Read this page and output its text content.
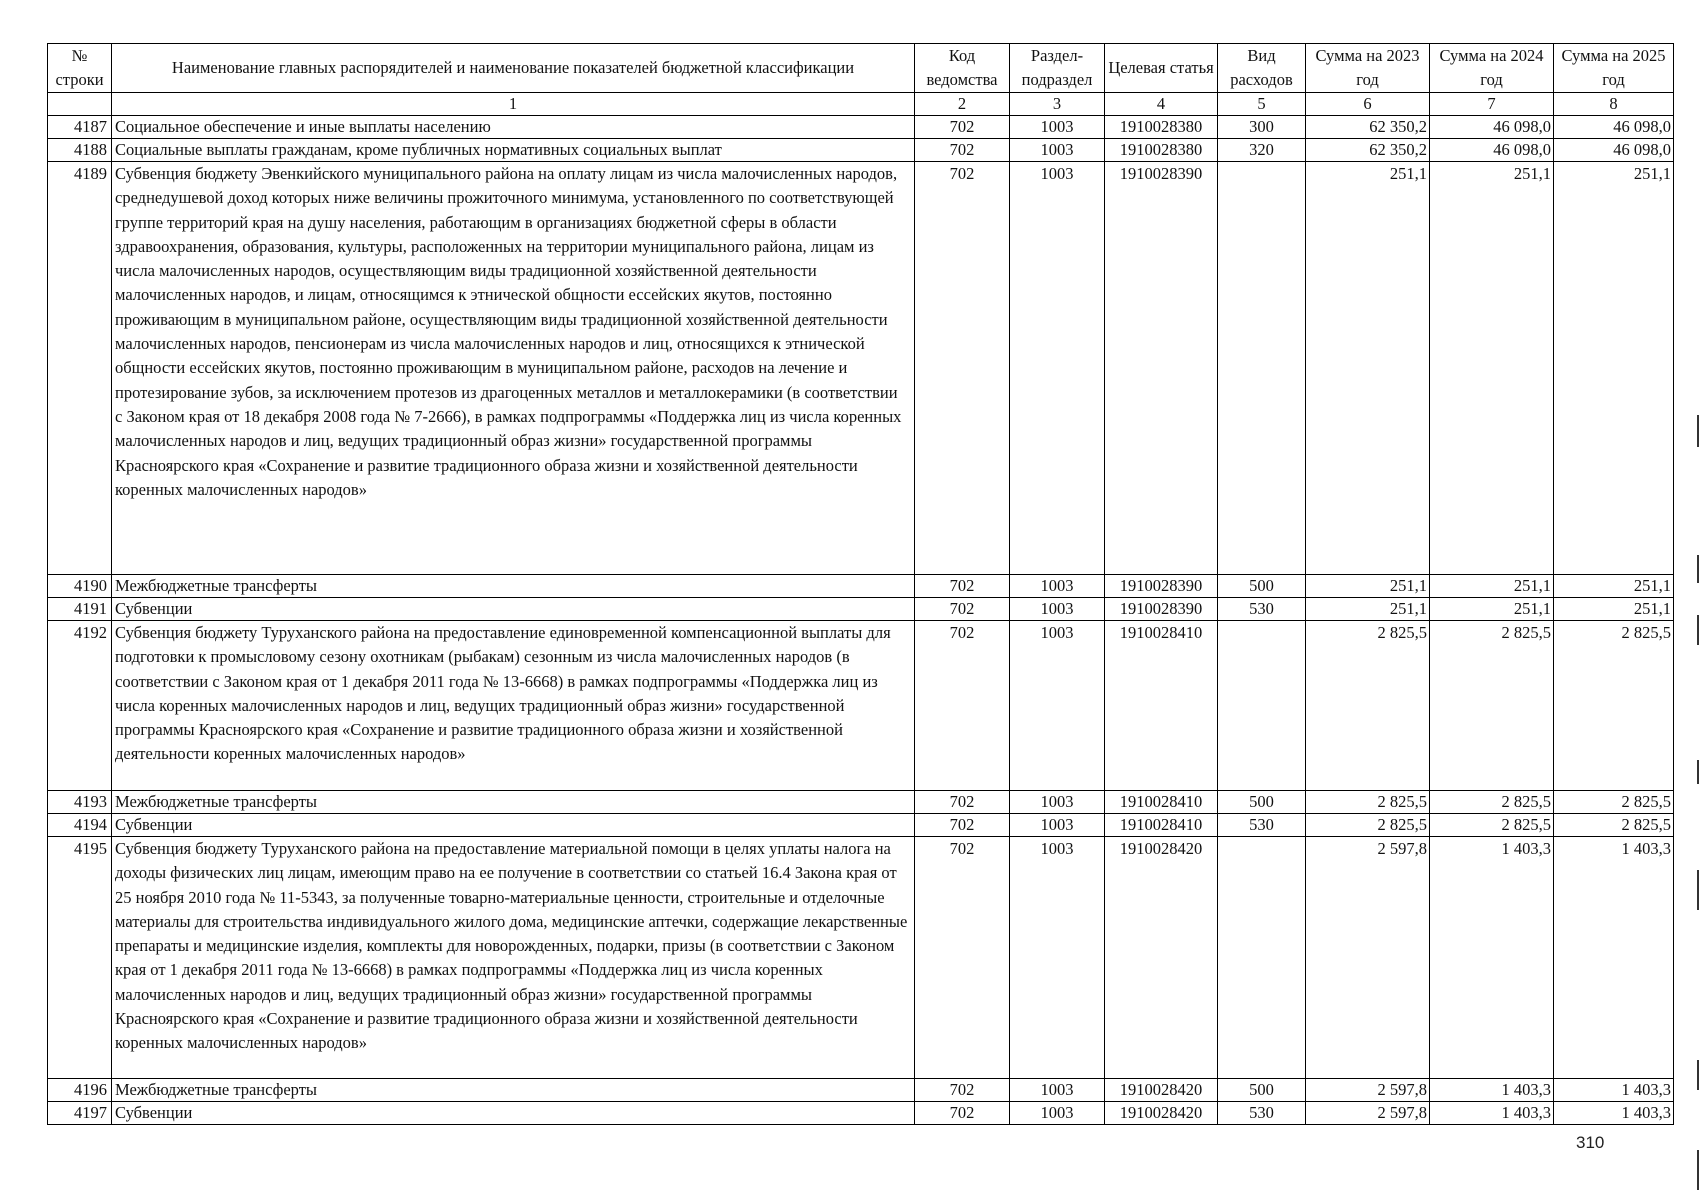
№ строки	Наименование главных распорядителей и наименование показателей бюджетной классификации	Код ведомства	Раздел-подраздел	Целевая статья	Вид расходов	Сумма на 2023 год	Сумма на 2024 год	Сумма на 2025 год
	1	2	3	4	5	6	7	8
4187	Социальное обеспечение и иные выплаты населению	702	1003	1910028380	300	62 350,2	46 098,0	46 098,0
4188	Социальные выплаты гражданам, кроме публичных нормативных социальных выплат	702	1003	1910028380	320	62 350,2	46 098,0	46 098,0
4189	Субвенция бюджету Эвенкийского муниципального района на оплату лицам из числа малочисленных народов, среднедушевой доход которых ниже величины прожиточного минимума, установленного по соответствующей группе территорий края на душу населения, работающим в организациях бюджетной сферы в области здравоохранения, образования, культуры, расположенных на территории муниципального района, лицам из числа малочисленных народов, осуществляющим виды традиционной хозяйственной деятельности малочисленных народов, и лицам, относящимся к этнической общности ессейских якутов, постоянно проживающим в муниципальном районе, осуществляющим виды традиционной хозяйственной деятельности малочисленных народов, пенсионерам из числа малочисленных народов и лиц, относящихся к этнической общности ессейских якутов, постоянно проживающим в муниципальном районе, расходов на лечение и протезирование зубов, за исключением протезов из драгоценных металлов и металлокерамики (в соответствии с Законом края от 18 декабря 2008 года № 7-2666), в рамках подпрограммы «Поддержка лиц из числа коренных малочисленных народов и лиц, ведущих традиционный образ жизни» государственной программы Красноярского края «Сохранение и развитие традиционного образа жизни и хозяйственной деятельности коренных малочисленных народов»	702	1003	1910028390		251,1	251,1	251,1
4190	Межбюджетные трансферты	702	1003	1910028390	500	251,1	251,1	251,1
4191	Субвенции	702	1003	1910028390	530	251,1	251,1	251,1
4192	Субвенция бюджету Туруханского района на предоставление единовременной компенсационной выплаты для подготовки к промысловому сезону охотникам (рыбакам) сезонным из числа малочисленных народов (в соответствии с Законом края от 1 декабря 2011 года № 13-6668) в рамках подпрограммы «Поддержка лиц из числа коренных малочисленных народов и лиц, ведущих традиционный образ жизни» государственной программы Красноярского края «Сохранение и развитие традиционного образа жизни и хозяйственной деятельности коренных малочисленных народов»	702	1003	1910028410		2 825,5	2 825,5	2 825,5
4193	Межбюджетные трансферты	702	1003	1910028410	500	2 825,5	2 825,5	2 825,5
4194	Субвенции	702	1003	1910028410	530	2 825,5	2 825,5	2 825,5
4195	Субвенция бюджету Туруханского района на предоставление материальной помощи в целях уплаты налога на доходы физических лиц лицам, имеющим право на ее получение в соответствии со статьей 16.4 Закона края от 25 ноября 2010 года № 11-5343, за полученные товарно-материальные ценности, строительные и отделочные материалы для строительства индивидуального жилого дома, медицинские аптечки, содержащие лекарственные препараты и медицинские изделия, комплекты для новорожденных, подарки, призы (в соответствии с Законом края от 1 декабря 2011 года № 13-6668) в рамках подпрограммы «Поддержка лиц из числа коренных малочисленных народов и лиц, ведущих традиционный образ жизни» государственной программы Красноярского края «Сохранение и развитие традиционного образа жизни и хозяйственной деятельности коренных малочисленных народов»	702	1003	1910028420		2 597,8	1 403,3	1 403,3
4196	Межбюджетные трансферты	702	1003	1910028420	500	2 597,8	1 403,3	1 403,3
4197	Субвенции	702	1003	1910028420	530	2 597,8	1 403,3	1 403,3
310
